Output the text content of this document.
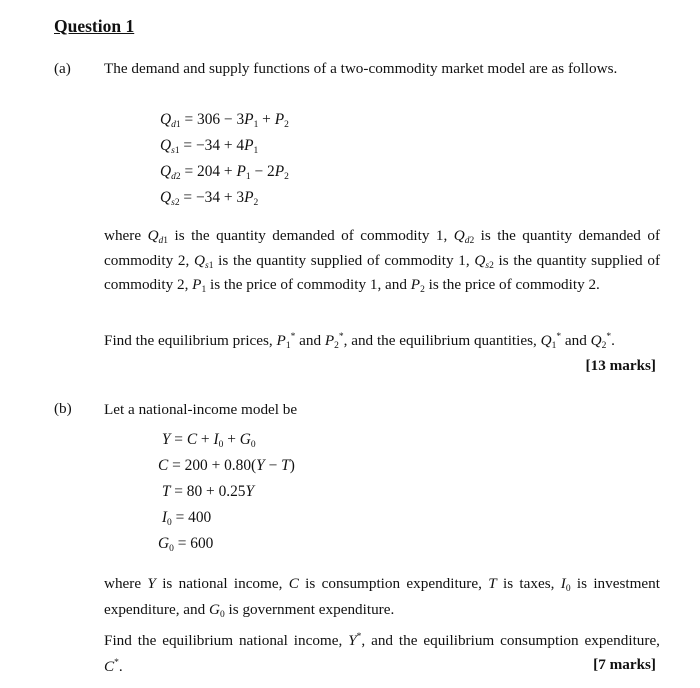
Question 1
(a) The demand and supply functions of a two-commodity market model are as follows.
$Q_{d1} = 306 - 3P_1 + P_2$
$Q_{s1} = -34 + 4P_1$
$Q_{d2} = 204 + P_1 - 2P_2$
$Q_{s2} = -34 + 3P_2$
where $Q_{d1}$ is the quantity demanded of commodity 1, $Q_{d2}$ is the quantity demanded of commodity 2, $Q_{s1}$ is the quantity supplied of commodity 1, $Q_{s2}$ is the quantity supplied of commodity 2, $P_1$ is the price of commodity 1, and $P_2$ is the price of commodity 2.
Find the equilibrium prices, $P_1^*$ and $P_2^*$, and the equilibrium quantities, $Q_1^*$ and $Q_2^*$.
[13 marks]
(b) Let a national-income model be
$Y = C + I_0 + G_0$
C = 200 + 0.80(Y − T)
T = 80 + 0.25Y
$I_0 = 400$
$G_0 = 600$
where Y is national income, C is consumption expenditure, T is taxes, $I_0$ is investment expenditure, and $G_0$ is government expenditure.
Find the equilibrium national income, Y*, and the equilibrium consumption expenditure, C*.	[7 marks]
